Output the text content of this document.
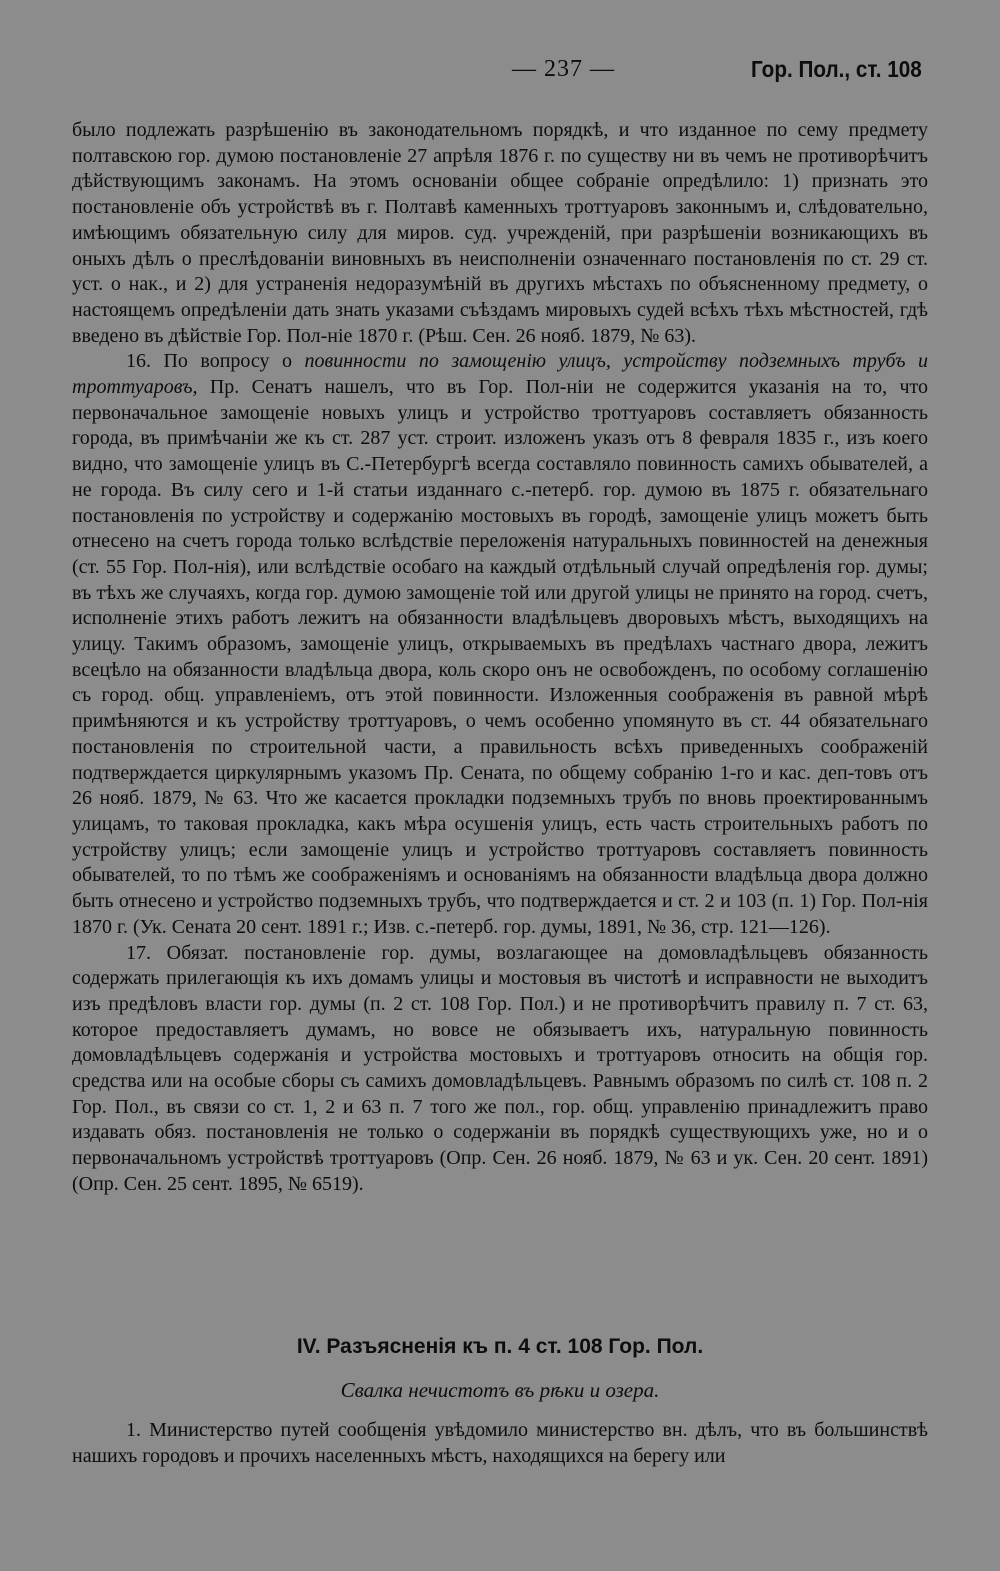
— 237 —	Гор. Пол., ст. 108

было подлежать разрѣшенію въ законодательномъ порядкѣ, и что изданное по сему предмету полтавскою гор. думою постановленіе 27 апрѣля 1876 г. по существу ни въ чемъ не противорѣчитъ дѣйствующимъ законамъ. На этомъ основаніи общее собраніе опредѣлило: 1) признать это постановленіе объ устройствѣ въ г. Полтавѣ каменныхъ троттуаровъ законнымъ и, слѣдовательно, имѣющимъ обязательную силу для миров. суд. учрежденій, при разрѣшеніи возникающихъ въ оныхъ дѣлъ о преслѣдованіи виновныхъ въ неисполненіи означеннаго постановленія по ст. 29 ст. уст. о нак., и 2) для устраненія недоразумѣній въ другихъ мѣстахъ по объясненному предмету, о настоящемъ опредѣленіи дать знать указами съѣздамъ мировыхъ судей всѣхъ тѣхъ мѣстностей, гдѣ введено въ дѣйствіе Гор. Пол-ніе 1870 г. (Рѣш. Сен. 26 нояб. 1879, № 63).

16. По вопросу о повинности по замощенію улицъ, устройству подземныхъ трубъ и троттуаровъ, Пр. Сенатъ нашелъ, что въ Гор. Пол-ніи не содержится указанія на то, что первоначальное замощеніе новыхъ улицъ и устройство троттуаровъ составляетъ обязанность города, въ примѣчаніи же къ ст. 287 уст. строит. изложенъ указъ отъ 8 февраля 1835 г., изъ коего видно, что замощеніе улицъ въ С.-Петербургѣ всегда составляло повинность самихъ обывателей, а не города. Въ силу сего и 1-й статьи изданнаго с.-петерб. гор. думою въ 1875 г. обязательнаго постановленія по устройству и содержанію мостовыхъ въ городѣ, замощеніе улицъ можетъ быть отнесено на счетъ города только вслѣдствіе переложенія натуральныхъ повинностей на денежныя (ст. 55 Гор. Пол-нія), или вслѣдствіе особаго на каждый отдѣльный случай опредѣленія гор. думы; въ тѣхъ же случаяхъ, когда гор. думою замощеніе той или другой улицы не принято на город. счетъ, исполненіе этихъ работъ лежитъ на обязанности владѣльцевъ дворовыхъ мѣстъ, выходящихъ на улицу. Такимъ образомъ, замощеніе улицъ, открываемыхъ въ предѣлахъ частнаго двора, лежитъ всецѣло на обязанности владѣльца двора, коль скоро онъ не освобожденъ, по особому соглашенію съ город. общ. управленіемъ, отъ этой повинности. Изложенныя соображенія въ равной мѣрѣ примѣняются и къ устройству троттуаровъ, о чемъ особенно упомянуто въ ст. 44 обязательнаго постановленія по строительной части, а правильность всѣхъ приведенныхъ соображеній подтверждается циркулярнымъ указомъ Пр. Сената, по общему собранію 1-го и кас. деп-товъ отъ 26 нояб. 1879, № 63. Что же касается прокладки подземныхъ трубъ по вновь проектированнымъ улицамъ, то таковая прокладка, какъ мѣра осушенія улицъ, есть часть строительныхъ работъ по устройству улицъ; если замощеніе улицъ и устройство троттуаровъ составляетъ повинность обывателей, то по тѣмъ же соображеніямъ и основаніямъ на обязанности владѣльца двора должно быть отнесено и устройство подземныхъ трубъ, что подтверждается и ст. 2 и 103 (п. 1) Гор. Пол-нія 1870 г. (Ук. Сената 20 сент. 1891 г.; Изв. с.-петерб. гор. думы, 1891, № 36, стр. 121—126).

17. Обязат. постановленіе гор. думы, возлагающее на домовладѣльцевъ обязанность содержать прилегающія къ ихъ домамъ улицы и мостовыя въ чистотѣ и исправности не выходитъ изъ предѣловъ власти гор. думы (п. 2 ст. 108 Гор. Пол.) и не противорѣчитъ правилу п. 7 ст. 63, которое предоставляетъ думамъ, но вовсе не обязываетъ ихъ, натуральную повинность домовладѣльцевъ содержанія и устройства мостовыхъ и троттуаровъ относить на общія гор. средства или на особые сборы съ самихъ домовладѣльцевъ. Равнымъ образомъ по силѣ ст. 108 п. 2 Гор. Пол., въ связи со ст. 1, 2 и 63 п. 7 того же пол., гор. общ. управленію принадлежитъ право издавать обяз. постановленія не только о содержаніи въ порядкѣ существующихъ уже, но и о первоначальномъ устройствѣ троттуаровъ (Опр. Сен. 26 нояб. 1879, № 63 и ук. Сен. 20 сент. 1891) (Опр. Сен. 25 сент. 1895, № 6519).

IV. Разъясненія къ п. 4 ст. 108 Гор. Пол.
Свалка нечистотъ въ рѣки и озера.

1. Министерство путей сообщенія увѣдомило министерство вн. дѣлъ, что въ большинствѣ нашихъ городовъ и прочихъ населенныхъ мѣстъ, находящихся на берегу или
